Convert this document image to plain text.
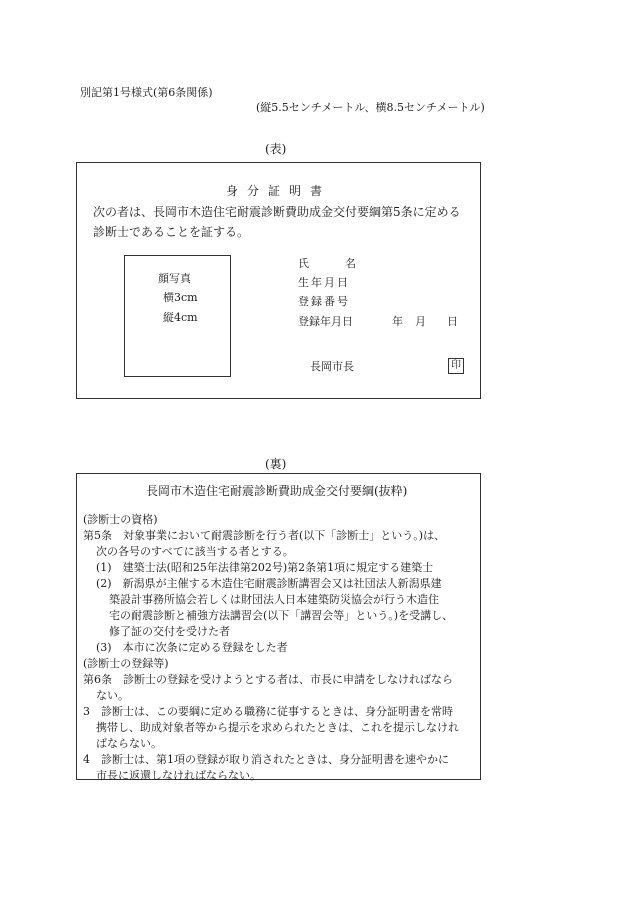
別記第1号様式(第6条関係)
(縦5.5センチメートル、横8.5センチメートル)
(表)
身分証明書
次の者は、長岡市木造住宅耐震診断費助成金交付要綱第5条に定める
診断士であることを証する。
顔写真
横3cm
縦4cm
氏	名
生年月日
登録番号
登録年月日	年 月 日
長岡市長	印
(裏)
長岡市木造住宅耐震診断費助成金交付要綱(抜粋)
(診断士の資格)
第5条　対象事業において耐震診断を行う者(以下「診断士」という。)は、
次の各号のすべてに該当する者とする。
(1)　建築士法(昭和25年法律第202号)第2条第1項に規定する建築士
(2)　新潟県が主催する木造住宅耐震診断講習会又は社団法人新潟県建
築設計事務所協会若しくは財団法人日本建築防災協会が行う木造住
宅の耐震診断と補強方法講習会(以下「講習会等」という。)を受講し、
修了証の交付を受けた者
(3)　本市に次条に定める登録をした者
(診断士の登録等)
第6条　診断士の登録を受けようとする者は、市長に申請をしなければなら
ない。
3　診断士は、この要綱に定める職務に従事するときは、身分証明書を常時
携帯し、助成対象者等から提示を求められたときは、これを提示しなけれ
ばならない。
4　診断士は、第1項の登録が取り消されたときは、身分証明書を速やかに
市長に返還しなければならない。
